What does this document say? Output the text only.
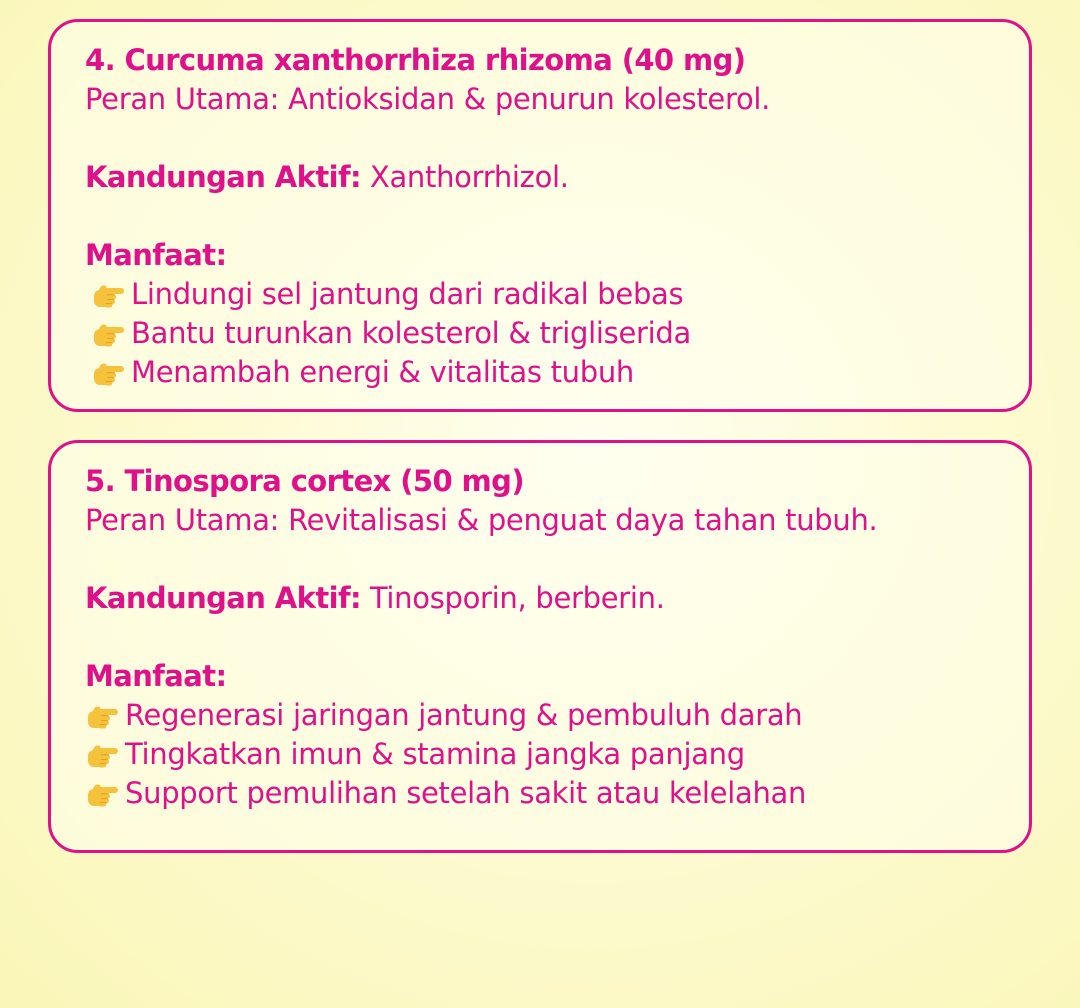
4. Curcuma xanthorrhiza rhizoma (40 mg)
Peran Utama: Antioksidan & penurun kolesterol.
Kandungan Aktif: Xanthorrhizol.
Manfaat:
Lindungi sel jantung dari radikal bebas
Bantu turunkan kolesterol & trigliserida
Menambah energi & vitalitas tubuh
5. Tinospora cortex (50 mg)
Peran Utama: Revitalisasi & penguat daya tahan tubuh.
Kandungan Aktif: Tinosporin, berberin.
Manfaat:
Regenerasi jaringan jantung & pembuluh darah
Tingkatkan imun & stamina jangka panjang
Support pemulihan setelah sakit atau kelelahan
